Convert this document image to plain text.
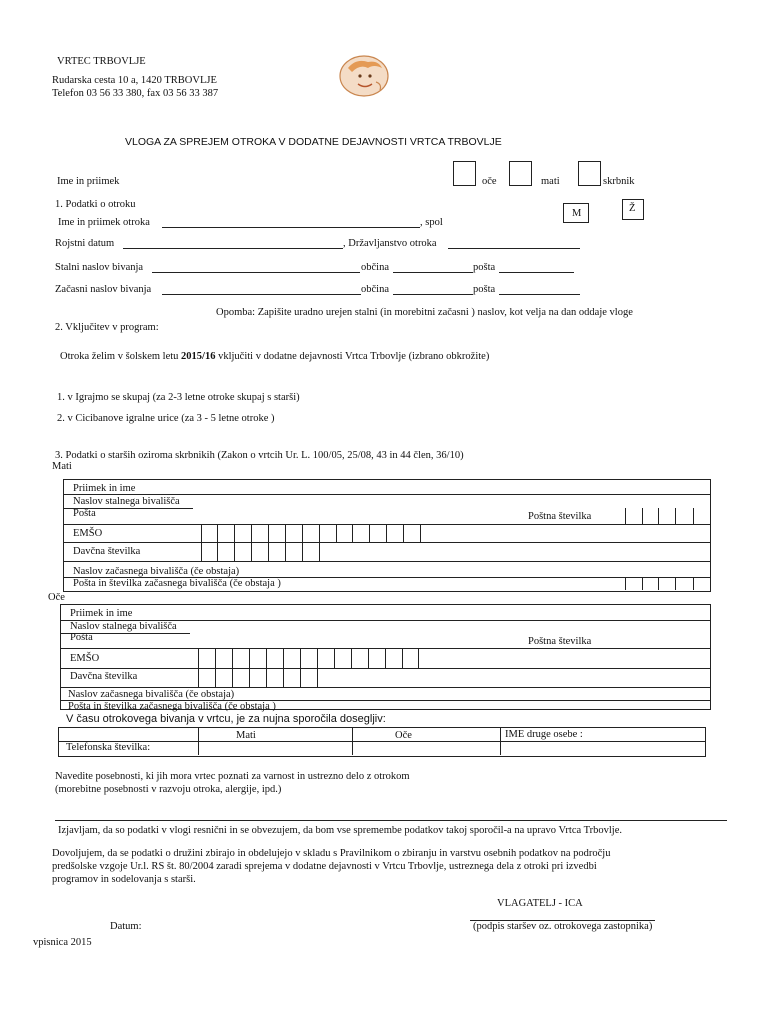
VRTEC TRBOVLJE
Rudarska cesta 10 a, 1420 TRBOVLJE
Telefon 03 56 33 380, fax 03 56 33 387
VLOGA ZA SPREJEM OTROKA V DODATNE DEJAVNOSTI VRTCA TRBOVLJE
Ime in priimek	oče	mati	skrbnik
1. Podatki o otroku
Ime in priimek otroka	, spol
M	Ž
Rojstni datum	, Državljanstvo otroka
Stalni naslov bivanja	občina	pošta
Začasni naslov bivanja	občina	pošta
Opomba: Zapišite uradno urejen stalni (in morebitni začasni ) naslov, kot velja na dan oddaje vloge
2. Vključitev v program:
Otroka želim v šolskem letu 2015/16 vključiti v dodatne dejavnosti Vrtca Trbovlje (izbrano obkrožite)
1. v Igrajmo se skupaj (za 2-3 letne otroke skupaj s starši)
2. v Cicibanove igralne urice (za 3 - 5 letne otroke )
3. Podatki o starših oziroma skrbnikih (Zakon o vrtcih Ur. L. 100/05, 25/08, 43 in 44 člen, 36/10)
Mati
Priimek in ime
Naslov stalnega bivališča
Pošta	Poštna številka
EMŠO
Davčna številka
Naslov začasnega bivališča (če obstaja)
Pošta in številka začasnega bivališča (če obstaja )
Oče
Priimek in ime
Naslov stalnega bivališča
Pošta	Poštna številka
EMŠO
Davčna številka
Naslov začasnega bivališča (če obstaja)
Pošta in številka začasnega bivališča (če obstaja )
V času otrokovega bivanja v vrtcu, je za nujna sporočila dosegljiv:
Mati	Oče	IME druge osebe :
Telefonska številka:
Navedite posebnosti, ki jih mora vrtec poznati za varnost in ustrezno delo z otrokom
(morebitne posebnosti v razvoju otroka, alergije, ipd.)
Izjavljam, da so podatki v vlogi resnični in se obvezujem, da bom vse spremembe podatkov takoj sporočil-a na upravo Vrtca Trbovlje.
Dovoljujem, da se podatki o družini zbirajo in obdelujejo v skladu s Pravilnikom o zbiranju in varstvu osebnih podatkov na področju
predšolske vzgoje Ur.l. RS št. 80/2004 zaradi sprejema v dodatne dejavnosti v Vrtcu Trbovlje, ustreznega dela z otroki pri izvedbi
programov in sodelovanja s starši.
VLAGATELJ - ICA
(podpis staršev oz. otrokovega zastopnika)
Datum:
vpisnica 2015
